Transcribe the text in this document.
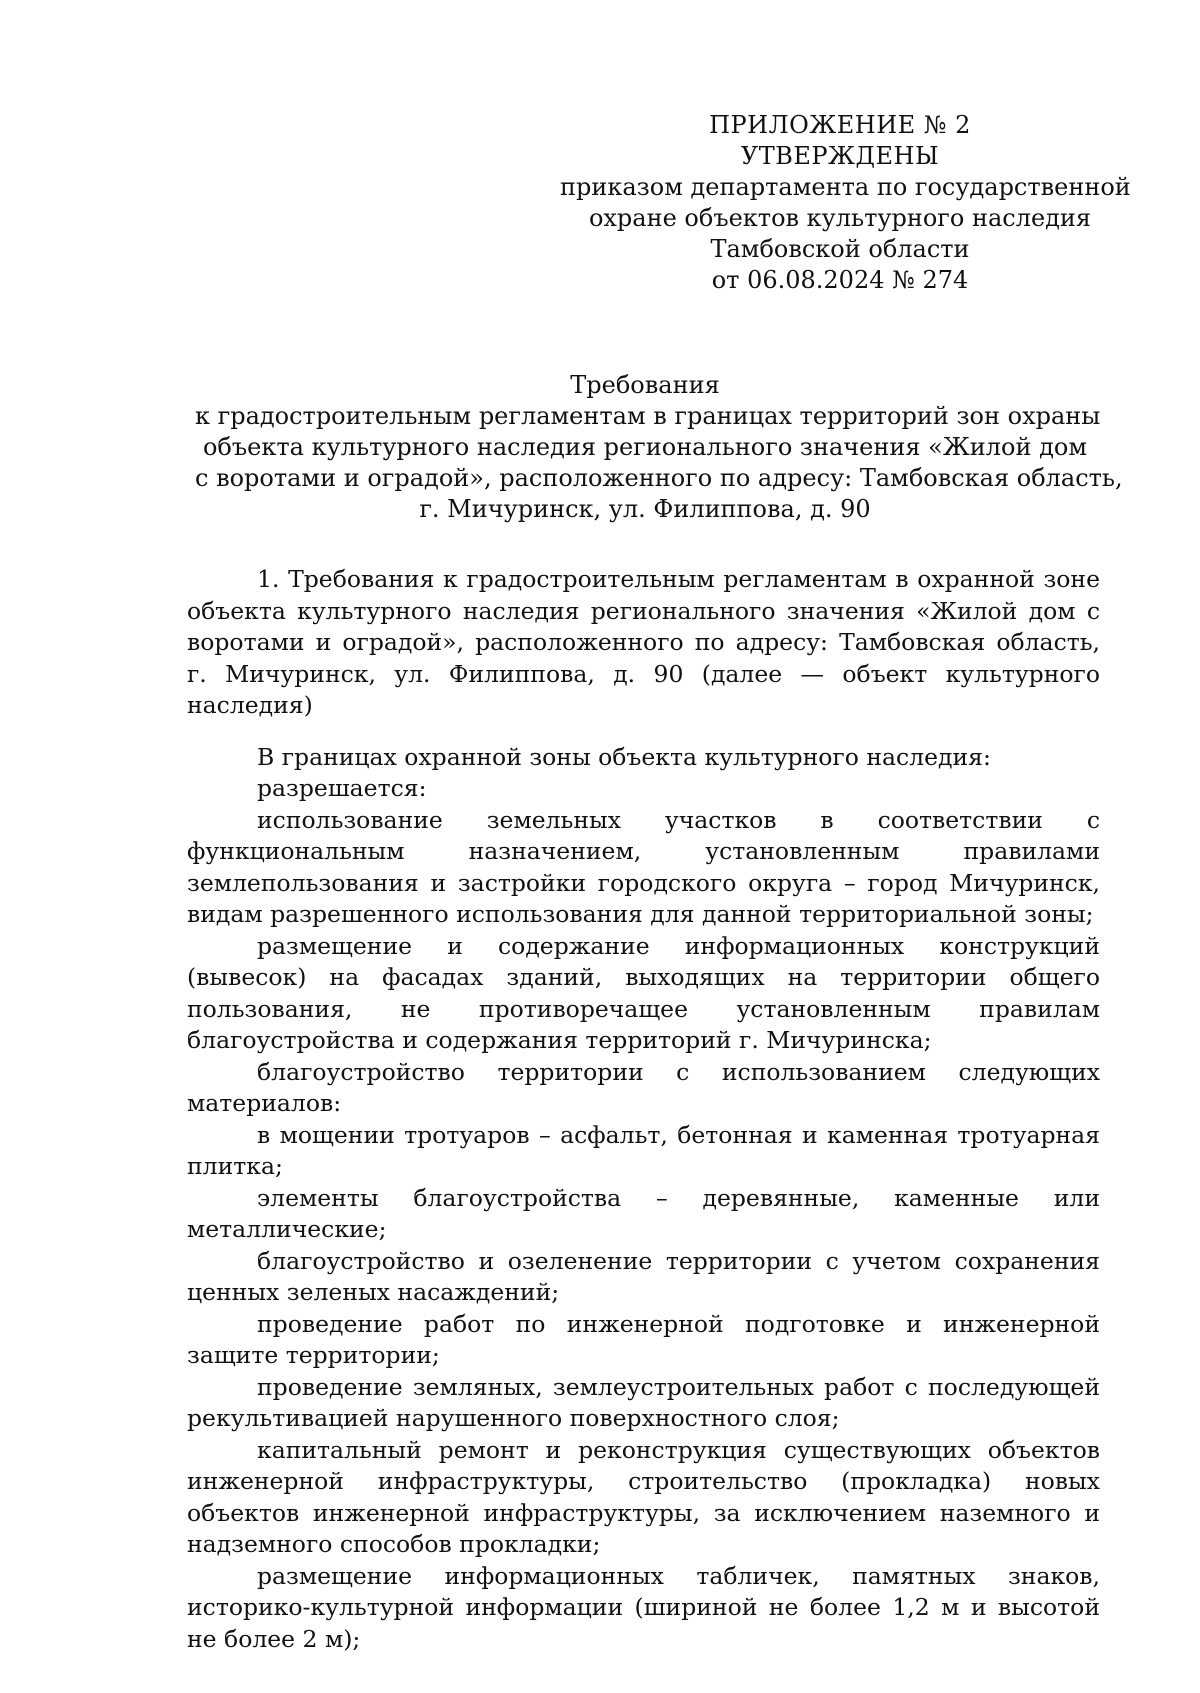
ПРИЛОЖЕНИЕ № 2
УТВЕРЖДЕНЫ
приказом департамента по государственной
охране объектов культурного наследия
Тамбовской области
от 06.08.2024 № 274
Требования
к градостроительным регламентам в границах территорий зон охраны
объекта культурного наследия регионального значения «Жилой дом
с воротами и оградой», расположенного по адресу: Тамбовская область,
г. Мичуринск, ул. Филиппова, д. 90

1. Требования к градостроительным регламентам в охранной зоне объекта культурного наследия регионального значения «Жилой дом с воротами и оградой», расположенного по адресу: Тамбовская область, г. Мичуринск, ул. Филиппова, д. 90 (далее — объект культурного наследия)

В границах охранной зоны объекта культурного наследия:

разрешается:

использование земельных участков в соответствии с функциональным назначением, установленным правилами землепользования и застройки городского округа – город Мичуринск, видам разрешенного использования для данной территориальной зоны;

размещение и содержание информационных конструкций (вывесок) на фасадах зданий, выходящих на территории общего пользования, не противоречащее установленным правилам благоустройства и содержания территорий г. Мичуринска;

благоустройство территории с использованием следующих материалов:

в мощении тротуаров – асфальт, бетонная и каменная тротуарная плитка;

элементы благоустройства – деревянные, каменные или металлические;

благоустройство и озеленение территории с учетом сохранения ценных зеленых насаждений;

проведение работ по инженерной подготовке и инженерной защите территории;

проведение земляных, землеустроительных работ с последующей рекультивацией нарушенного поверхностного слоя;

капитальный ремонт и реконструкция существующих объектов инженерной инфраструктуры, строительство (прокладка) новых объектов инженерной инфраструктуры, за исключением наземного и надземного способов прокладки;

размещение информационных табличек, памятных знаков, историко-культурной информации (шириной не более 1,2 м и высотой не более 2 м);
